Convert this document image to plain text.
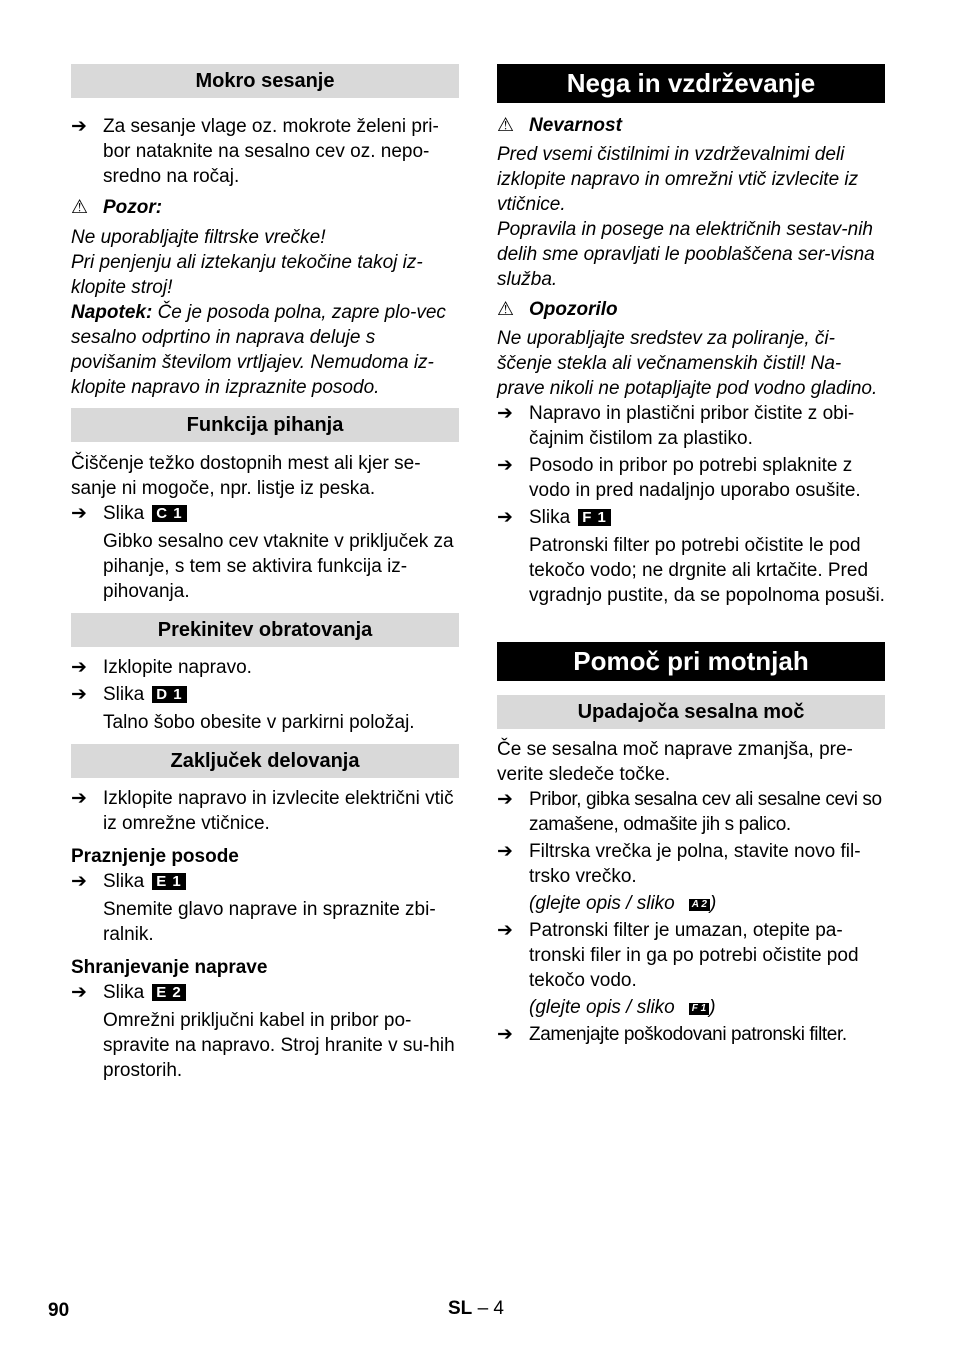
Mokro sesanje

➔ Za sesanje vlage oz. mokrote želeni pri-bor nataknite na sesalno cev oz. nepo-sredno na ročaj.

⚠ Pozor:

Ne uporabljajte filtrske vrečke!

Pri penjenju ali iztekanju tekočine takoj iz-klopite stroj!

Napotek: Če je posoda polna, zapre plo-vec sesalno odprtino in naprava deluje s povišanim številom vrtljajev. Nemudoma iz-klopite napravo in izpraznite posodo.

Funkcija pihanja

Čiščenje težko dostopnih mest ali kjer se-sanje ni mogoče, npr. listje iz peska.

➔ Slika C 1

Gibko sesalno cev vtaknite v priključek za pihanje, s tem se aktivira funkcija iz-pihovanja.

Prekinitev obratovanja

➔ Izklopite napravo.

➔ Slika D 1

Talno šobo obesite v parkirni položaj.

Zaključek delovanja

➔ Izklopite napravo in izvlecite električni vtič iz omrežne vtičnice.

Praznjenje posode

➔ Slika E 1

Snemite glavo naprave in spraznite zbi-ralnik.

Shranjevanje naprave

➔ Slika E 2

Omrežni priključni kabel in pribor po-spravite na napravo. Stroj hranite v su-hih prostorih.

Nega in vzdrževanje

⚠ Nevarnost

Pred vsemi čistilnimi in vzdrževalnimi deli izklopite napravo in omrežni vtič izvlecite iz vtičnice.

Popravila in posege na električnih sestav-nih delih sme opravljati le pooblaščena ser-visna služba.

⚠ Opozorilo

Ne uporabljajte sredstev za poliranje, či-ščenje stekla ali večnamenskih čistil! Na-prave nikoli ne potapljajte pod vodno gladino.

➔ Napravo in plastični pribor čistite z obi-čajnim čistilom za plastiko.

➔ Posodo in pribor po potrebi splaknite z vodo in pred nadaljnjo uporabo osušite.

➔ Slika F 1

Patronski filter po potrebi očistite le pod tekočo vodo; ne drgnite ali krtačite. Pred vgradnjo pustite, da se popolnoma posuši.

Pomoč pri motnjah
Upadajoča sesalna moč

Če se sesalna moč naprave zmanjša, pre-verite sledeče točke.

➔ Pribor, gibka sesalna cev ali sesalne cevi so zamašene, odmašite jih s palico.

➔ Filtrska vrečka je polna, stavite novo fil-trsko vrečko.

(glejte opis / sliko A 2 )

➔ Patronski filter je umazan, otepite pa-tronski filer in ga po potrebi očistite pod tekočo vodo.

(glejte opis / sliko F 1 )

➔ Zamenjajte poškodovani patronski filter.

90	SL – 4
